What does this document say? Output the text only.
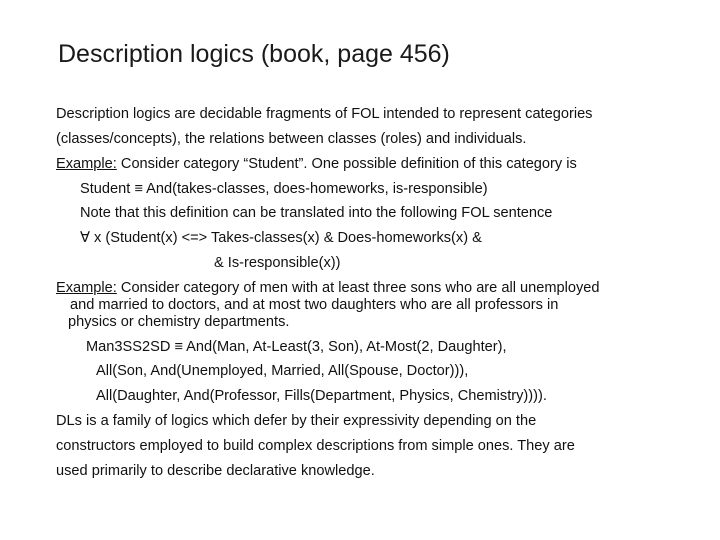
Description logics (book, page 456)
Description logics are decidable fragments of FOL intended to represent categories
(classes/concepts), the relations between classes (roles) and individuals.
Example: Consider category “Student”. One possible definition of this category is
Student ≡ And(takes-classes, does-homeworks, is-responsible)
Note that this definition can be translated into the following FOL sentence
∀ x (Student(x) <=> Takes-classes(x) & Does-homeworks(x) &
& Is-responsible(x))
Example: Consider category of men with at least three sons who are all unemployed
and married to doctors, and at most two daughters who are all professors in
physics or chemistry departments.
Man3SS2SD ≡ And(Man, At-Least(3, Son), At-Most(2, Daughter),
All(Son, And(Unemployed, Married, All(Spouse, Doctor))),
All(Daughter, And(Professor, Fills(Department, Physics, Chemistry)))).
DLs is a family of logics which defer by their expressivity depending on the
constructors employed to build complex descriptions from simple ones. They are
used primarily to describe declarative knowledge.
